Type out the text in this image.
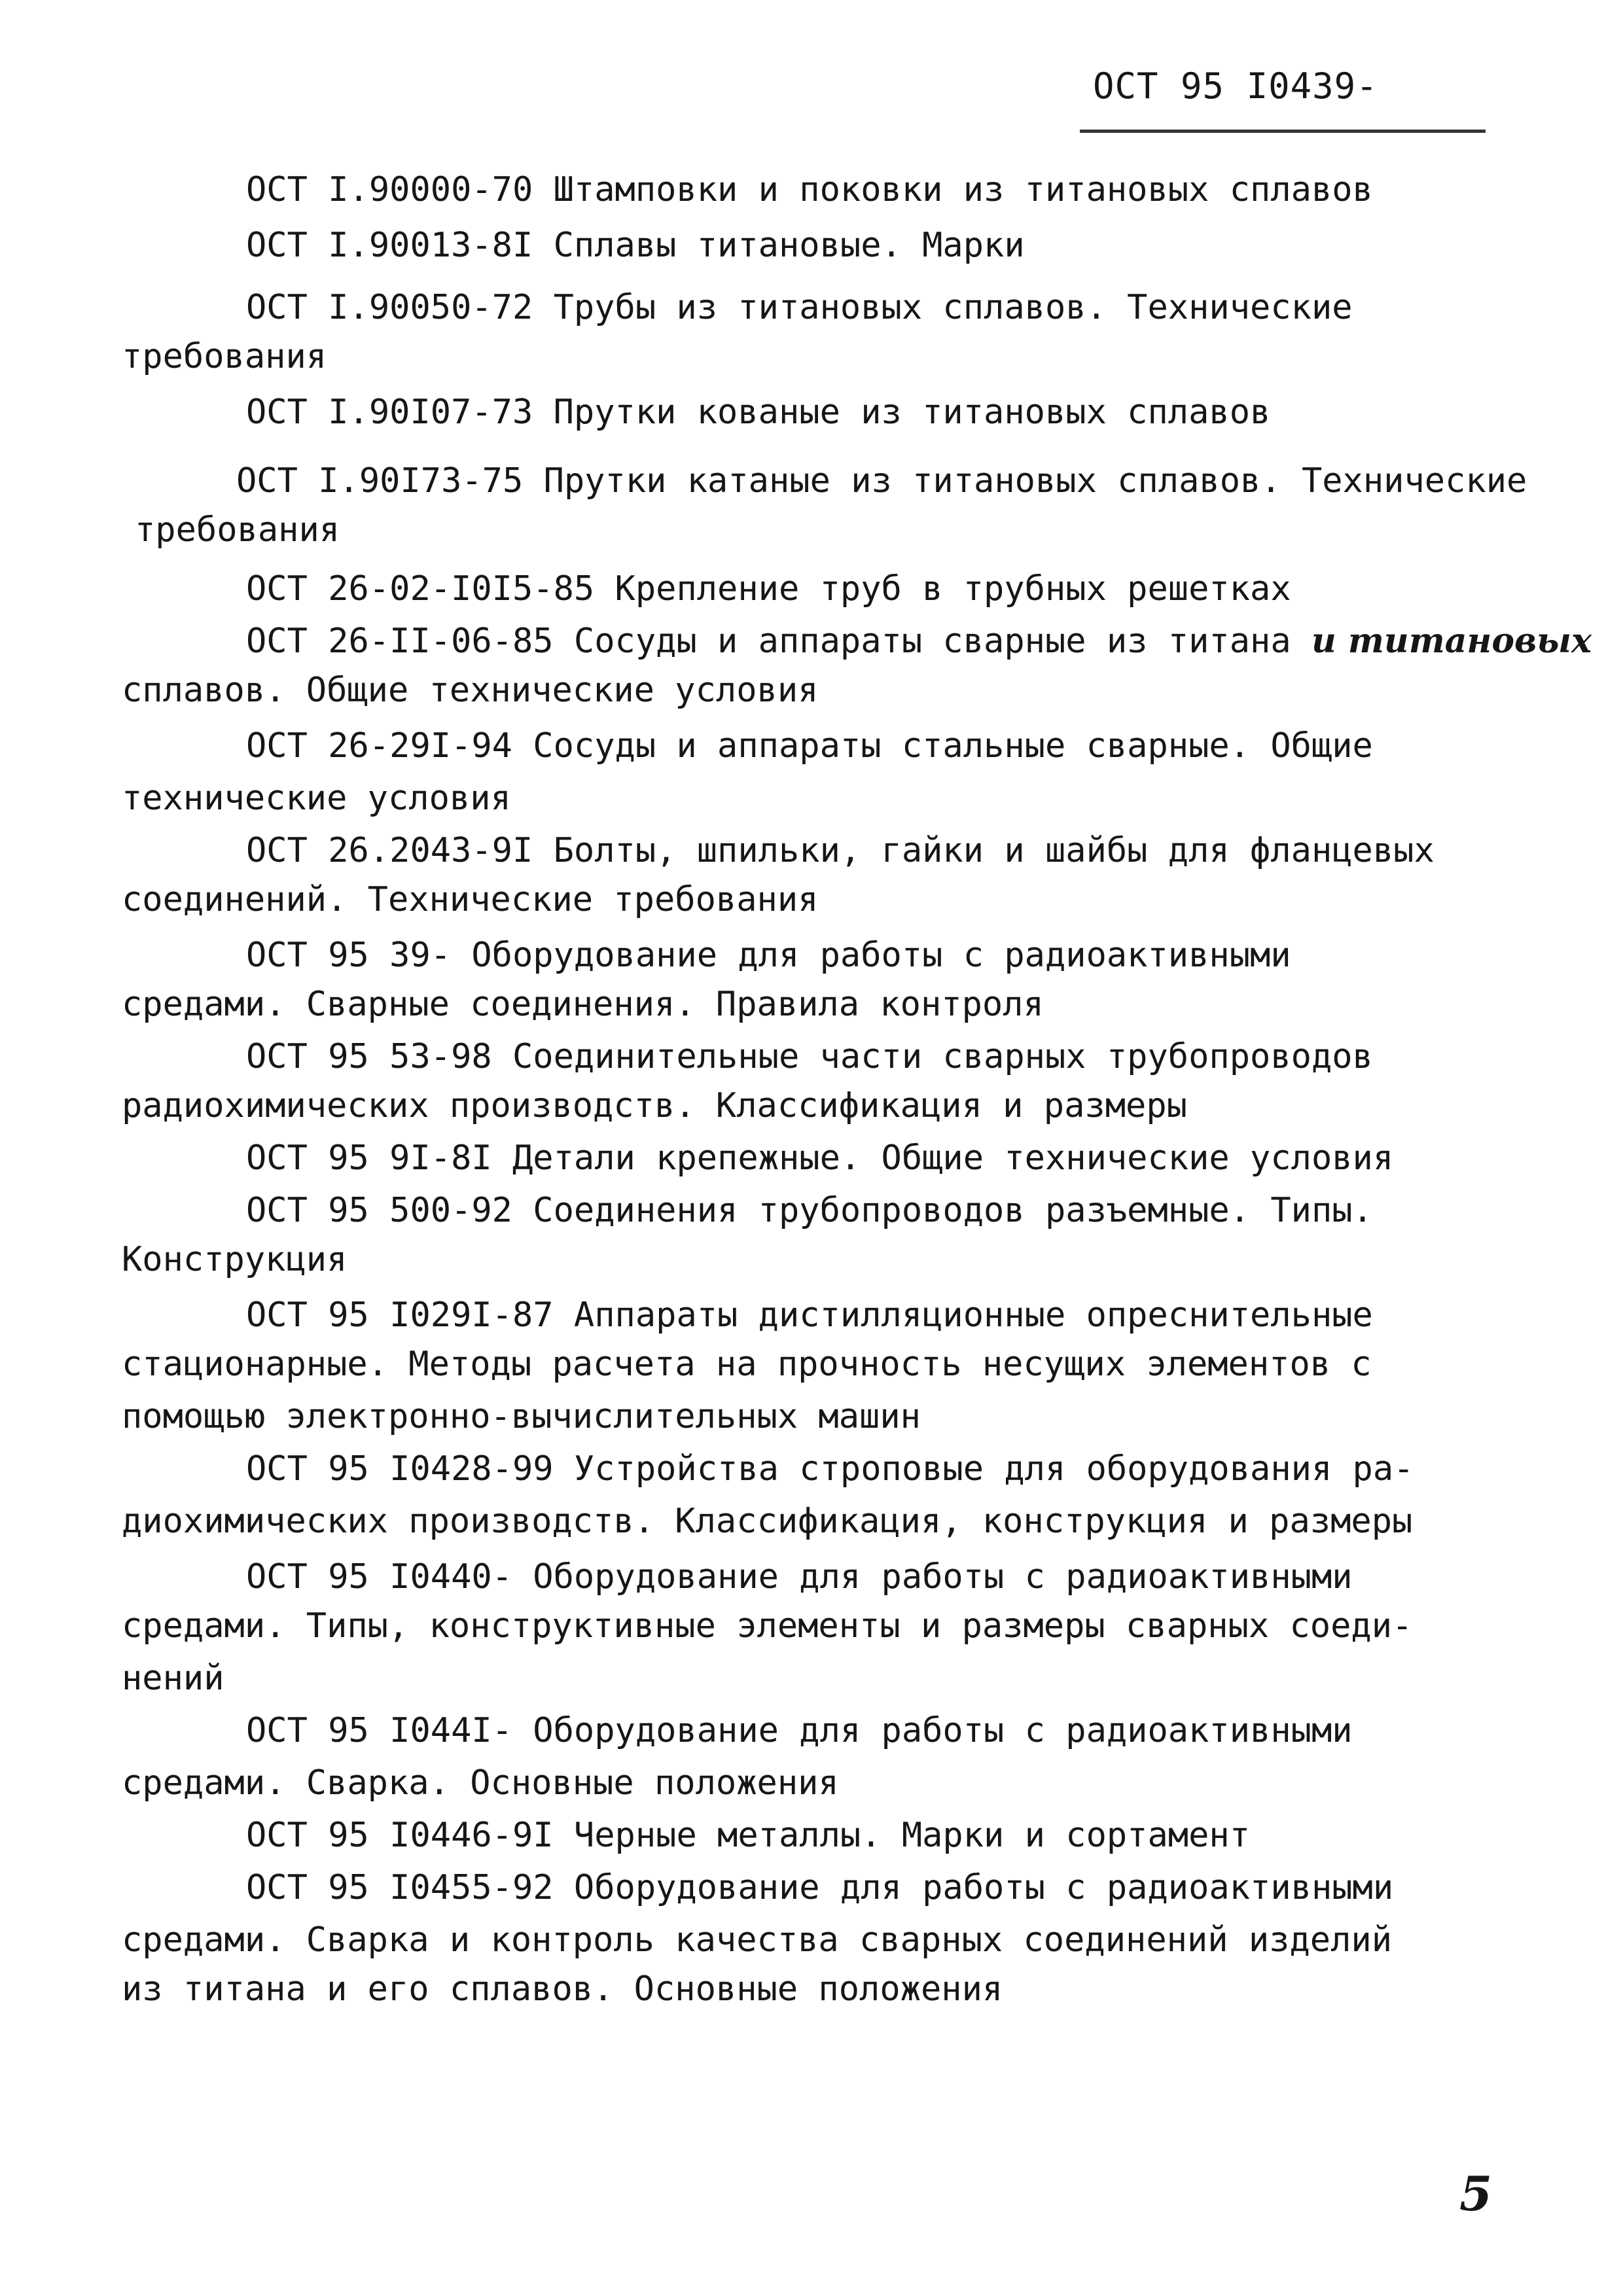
ОСТ 95 I0439-
ОСТ I.90000-70 Штамповки и поковки из титановых сплавов
ОСТ I.90013-8I Сплавы титановые. Марки
ОСТ I.90050-72 Трубы из титановых сплавов. Технические
требования
ОСТ I.90I07-73 Прутки кованые из титановых сплавов
ОСТ I.90I73-75 Прутки катаные из титановых сплавов. Технические
требования
ОСТ 26-02-I0I5-85 Крепление труб в трубных решетках
ОСТ 26-II-06-85 Сосуды и аппараты сварные из титана и титановых
сплавов. Общие технические условия
ОСТ 26-29I-94 Сосуды и аппараты стальные сварные. Общие
технические условия
ОСТ 26.2043-9I Болты, шпильки, гайки и шайбы для фланцевых
соединений. Технические требования
ОСТ 95 39- Оборудование для работы с радиоактивными
средами. Сварные соединения. Правила контроля
ОСТ 95 53-98 Соединительные части сварных трубопроводов
радиохимических производств. Классификация и размеры
ОСТ 95 9I-8I Детали крепежные. Общие технические условия
ОСТ 95 500-92 Соединения трубопроводов разъемные. Типы.
Конструкция
ОСТ 95 I029I-87 Аппараты дистилляционные опреснительные
стационарные. Методы расчета на прочность несущих элементов с
помощью электронно-вычислительных машин
ОСТ 95 I0428-99 Устройства строповые для оборудования ра-
диохимических производств. Классификация, конструкция и размеры
ОСТ 95 I0440- Оборудование для работы с радиоактивными
средами. Типы, конструктивные элементы и размеры сварных соеди-
нений
ОСТ 95 I044I- Оборудование для работы с радиоактивными
средами. Сварка. Основные положения
ОСТ 95 I0446-9I Черные металлы. Марки и сортамент
ОСТ 95 I0455-92 Оборудование для работы с радиоактивными
средами. Сварка и контроль качества сварных соединений изделий
из титана и его сплавов. Основные положения
5
